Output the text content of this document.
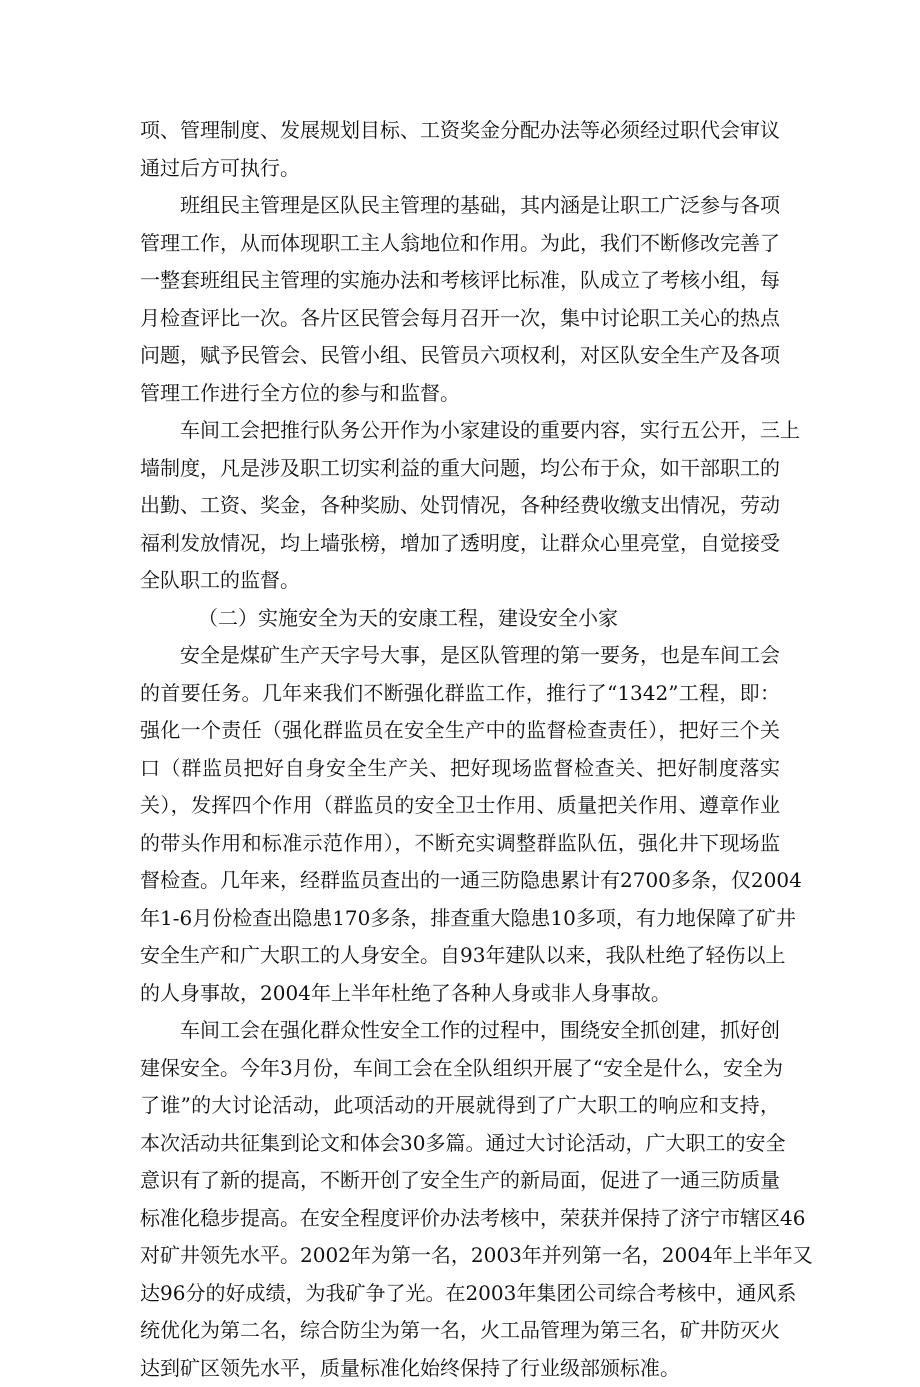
项、管理制度、发展规划目标、工资奖金分配办法等必须经过职代会审议
通过后方可执行。
班组民主管理是区队民主管理的基础，其内涵是让职工广泛参与各项
管理工作，从而体现职工主人翁地位和作用。为此，我们不断修改完善了
一整套班组民主管理的实施办法和考核评比标准，队成立了考核小组，每
月检查评比一次。各片区民管会每月召开一次，集中讨论职工关心的热点
问题，赋予民管会、民管小组、民管员六项权利，对区队安全生产及各项
管理工作进行全方位的参与和监督。
车间工会把推行队务公开作为小家建设的重要内容，实行五公开，三上
墙制度，凡是涉及职工切实利益的重大问题，均公布于众，如干部职工的
出勤、工资、奖金，各种奖励、处罚情况，各种经费收缴支出情况，劳动
福利发放情况，均上墙张榜，增加了透明度，让群众心里亮堂，自觉接受
全队职工的监督。
（二）实施安全为天的安康工程，建设安全小家
安全是煤矿生产天字号大事，是区队管理的第一要务，也是车间工会
的首要任务。几年来我们不断强化群监工作，推行了“1342”工程，即：
强化一个责任（强化群监员在安全生产中的监督检查责任），把好三个关
口（群监员把好自身安全生产关、把好现场监督检查关、把好制度落实
关），发挥四个作用（群监员的安全卫士作用、质量把关作用、遵章作业
的带头作用和标准示范作用），不断充实调整群监队伍，强化井下现场监
督检查。几年来，经群监员查出的一通三防隐患累计有2700多条，仅2004
年1-6月份检查出隐患170多条，排查重大隐患10多项，有力地保障了矿井
安全生产和广大职工的人身安全。自93年建队以来，我队杜绝了轻伤以上
的人身事故，2004年上半年杜绝了各种人身或非人身事故。
车间工会在强化群众性安全工作的过程中，围绕安全抓创建，抓好创
建保安全。今年3月份，车间工会在全队组织开展了“安全是什么，安全为
了谁”的大讨论活动，此项活动的开展就得到了广大职工的响应和支持，
本次活动共征集到论文和体会30多篇。通过大讨论活动，广大职工的安全
意识有了新的提高，不断开创了安全生产的新局面，促进了一通三防质量
标准化稳步提高。在安全程度评价办法考核中，荣获并保持了济宁市辖区46
对矿井领先水平。2002年为第一名，2003年并列第一名，2004年上半年又
达96分的好成绩，为我矿争了光。在2003年集团公司综合考核中，通风系
统优化为第二名，综合防尘为第一名，火工品管理为第三名，矿井防灭火
达到矿区领先水平，质量标准化始终保持了行业级部颁标准。
